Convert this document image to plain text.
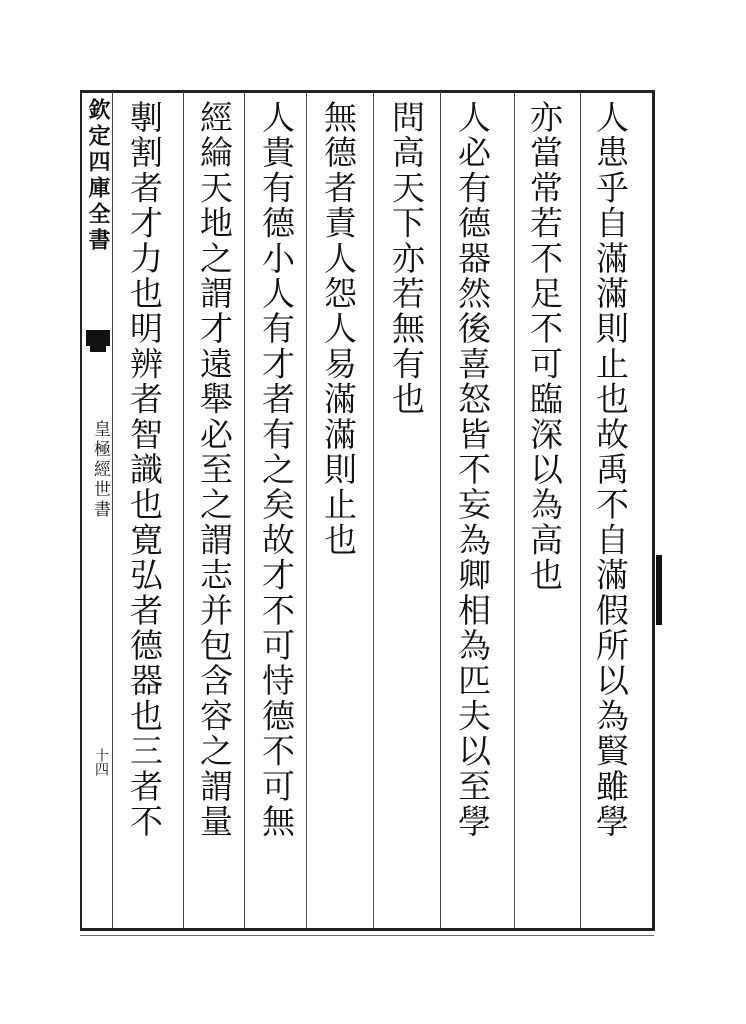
欽定四庫全書
皇極經世書
十四	人患乎自滿滿則止也故禹不自滿假所以為賢雖學
亦當常若不足不可臨深以為高也
人必有德器然後喜怒皆不妄為卿相為匹夫以至學
問高天下亦若無有也
無德者責人怨人易滿滿則止也
人貴有德小人有才者有之矣故才不可恃德不可無
經綸天地之謂才遠舉必至之謂志并包含容之謂量
剸割者才力也明辨者智識也寛弘者德器也三者不
